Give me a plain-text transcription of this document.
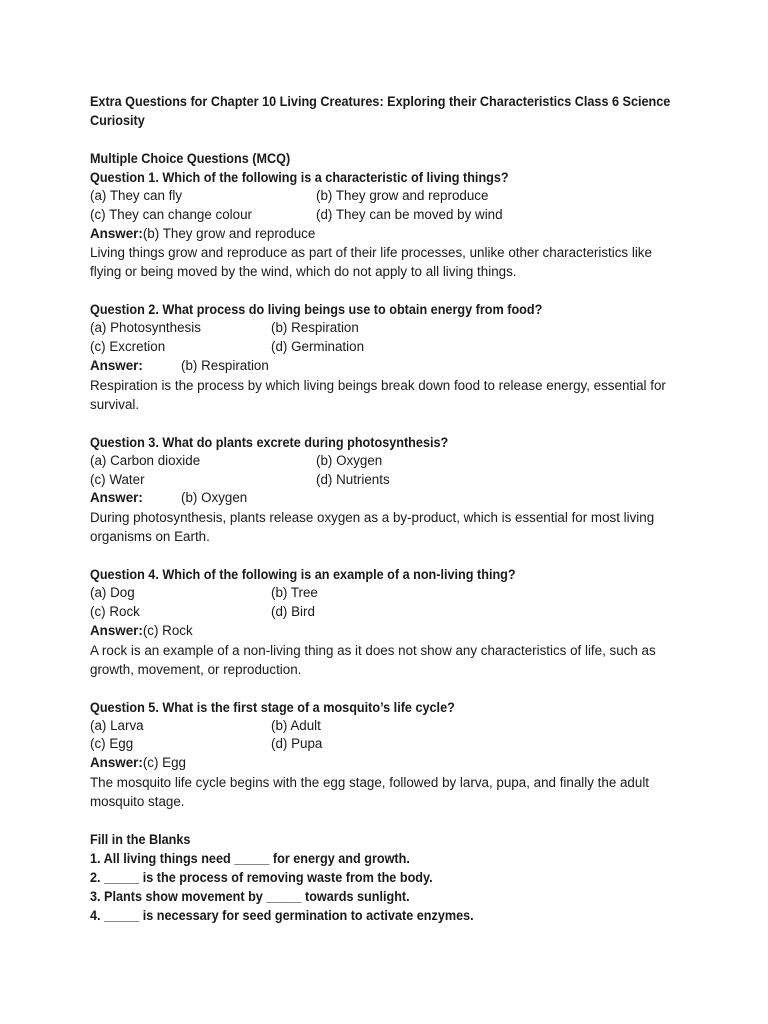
Extra Questions for Chapter 10 Living Creatures: Exploring their Characteristics Class 6 Science Curiosity
Multiple Choice Questions (MCQ)
Question 1. Which of the following is a characteristic of living things?
(a) They can fly	(b) They grow and reproduce
(c) They can change colour	(d) They can be moved by wind
Answer: (b) They grow and reproduce
Living things grow and reproduce as part of their life processes, unlike other characteristics like flying or being moved by the wind, which do not apply to all living things.
Question 2. What process do living beings use to obtain energy from food?
(a) Photosynthesis	(b) Respiration
(c) Excretion	(d) Germination
Answer:	(b) Respiration
Respiration is the process by which living beings break down food to release energy, essential for survival.
Question 3. What do plants excrete during photosynthesis?
(a) Carbon dioxide	(b) Oxygen
(c) Water	(d) Nutrients
Answer:	(b) Oxygen
During photosynthesis, plants release oxygen as a by-product, which is essential for most living organisms on Earth.
Question 4. Which of the following is an example of a non-living thing?
(a) Dog	(b) Tree
(c) Rock	(d) Bird
Answer: (c) Rock
A rock is an example of a non-living thing as it does not show any characteristics of life, such as growth, movement, or reproduction.
Question 5. What is the first stage of a mosquito’s life cycle?
(a) Larva	(b) Adult
(c) Egg	(d) Pupa
Answer: (c) Egg
The mosquito life cycle begins with the egg stage, followed by larva, pupa, and finally the adult mosquito stage.
Fill in the Blanks
1. All living things need _____ for energy and growth.
2. _____ is the process of removing waste from the body.
3. Plants show movement by _____ towards sunlight.
4. _____ is necessary for seed germination to activate enzymes.
